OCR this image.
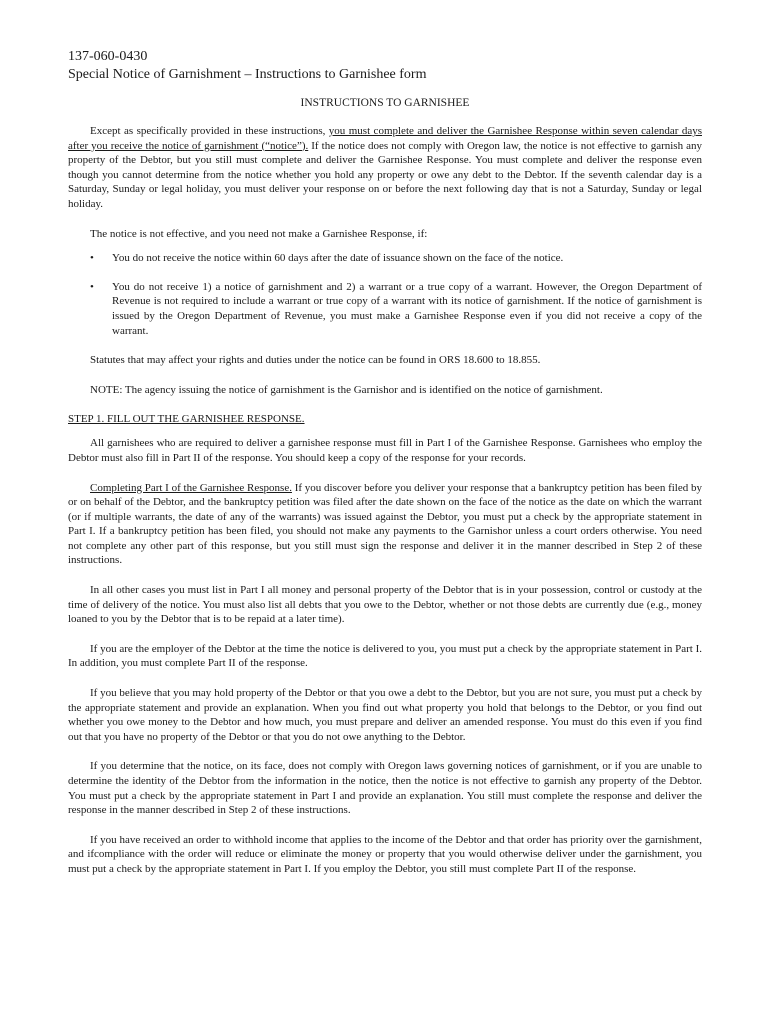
137-060-0430
Special Notice of Garnishment – Instructions to Garnishee form
INSTRUCTIONS TO GARNISHEE

Except as specifically provided in these instructions, you must complete and deliver the Garnishee Response within seven calendar days after you receive the notice of garnishment (“notice”). If the notice does not comply with Oregon law, the notice is not effective to garnish any property of the Debtor, but you still must complete and deliver the Garnishee Response. You must complete and deliver the response even though you cannot determine from the notice whether you hold any property or owe any debt to the Debtor. If the seventh calendar day is a Saturday, Sunday or legal holiday, you must deliver your response on or before the next following day that is not a Saturday, Sunday or legal holiday.

The notice is not effective, and you need not make a Garnishee Response, if:

• You do not receive the notice within 60 days after the date of issuance shown on the face of the notice.
• You do not receive 1) a notice of garnishment and 2) a warrant or a true copy of a warrant. However, the Oregon Department of Revenue is not required to include a warrant or true copy of a warrant with its notice of garnishment. If the notice of garnishment is issued by the Oregon Department of Revenue, you must make a Garnishee Response even if you did not receive a copy of the warrant.

Statutes that may affect your rights and duties under the notice can be found in ORS 18.600 to 18.855.

NOTE: The agency issuing the notice of garnishment is the Garnishor and is identified on the notice of garnishment.

STEP 1. FILL OUT THE GARNISHEE RESPONSE.

All garnishees who are required to deliver a garnishee response must fill in Part I of the Garnishee Response. Garnishees who employ the Debtor must also fill in Part II of the response. You should keep a copy of the response for your records.

Completing Part I of the Garnishee Response. If you discover before you deliver your response that a bankruptcy petition has been filed by or on behalf of the Debtor, and the bankruptcy petition was filed after the date shown on the face of the notice as the date on which the warrant (or if multiple warrants, the date of any of the warrants) was issued against the Debtor, you must put a check by the appropriate statement in Part I. If a bankruptcy petition has been filed, you should not make any payments to the Garnishor unless a court orders otherwise. You need not complete any other part of this response, but you still must sign the response and deliver it in the manner described in Step 2 of these instructions.

In all other cases you must list in Part I all money and personal property of the Debtor that is in your possession, control or custody at the time of delivery of the notice. You must also list all debts that you owe to the Debtor, whether or not those debts are currently due (e.g., money loaned to you by the Debtor that is to be repaid at a later time).

If you are the employer of the Debtor at the time the notice is delivered to you, you must put a check by the appropriate statement in Part I. In addition, you must complete Part II of the response.

If you believe that you may hold property of the Debtor or that you owe a debt to the Debtor, but you are not sure, you must put a check by the appropriate statement and provide an explanation. When you find out what property you hold that belongs to the Debtor, or you find out whether you owe money to the Debtor and how much, you must prepare and deliver an amended response. You must do this even if you find out that you have no property of the Debtor or that you do not owe anything to the Debtor.

If you determine that the notice, on its face, does not comply with Oregon laws governing notices of garnishment, or if you are unable to determine the identity of the Debtor from the information in the notice, then the notice is not effective to garnish any property of the Debtor. You must put a check by the appropriate statement in Part I and provide an explanation. You still must complete the response and deliver the response in the manner described in Step 2 of these instructions.

If you have received an order to withhold income that applies to the income of the Debtor and that order has priority over the garnishment, and ifcompliance with the order will reduce or eliminate the money or property that you would otherwise deliver under the garnishment, you must put a check by the appropriate statement in Part I. If you employ the Debtor, you still must complete Part II of the response.
